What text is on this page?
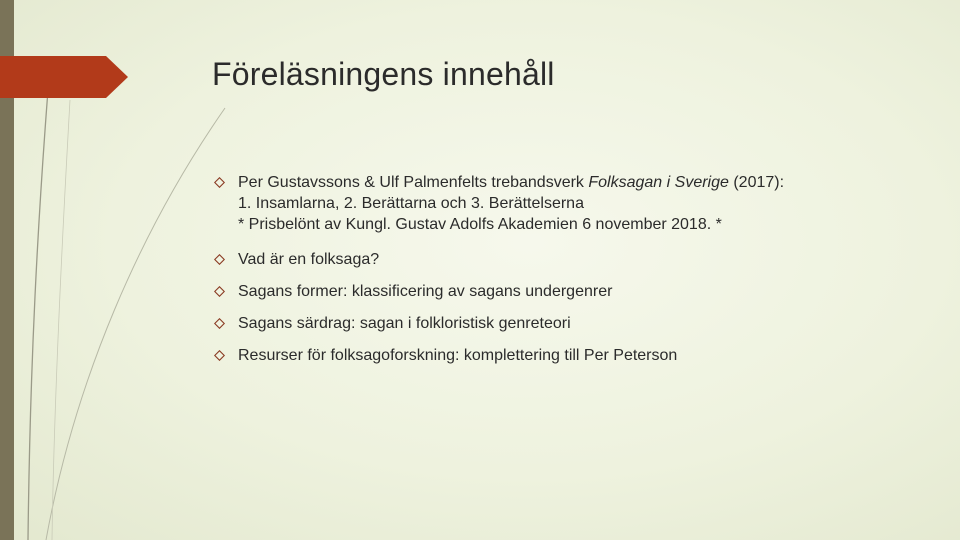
Föreläsningens innehåll
Per Gustavssons & Ulf Palmenfelts trebandsverk Folksagan i Sverige (2017):
1. Insamlarna, 2. Berättarna och 3. Berättelserna
* Prisbelönt av Kungl. Gustav Adolfs Akademien 6 november 2018. *
Vad är en folksaga?
Sagans former: klassificering av sagans undergenrer
Sagans särdrag: sagan i folkloristisk genreteori
Resurser för folksagoforskning: komplettering till Per Peterson
